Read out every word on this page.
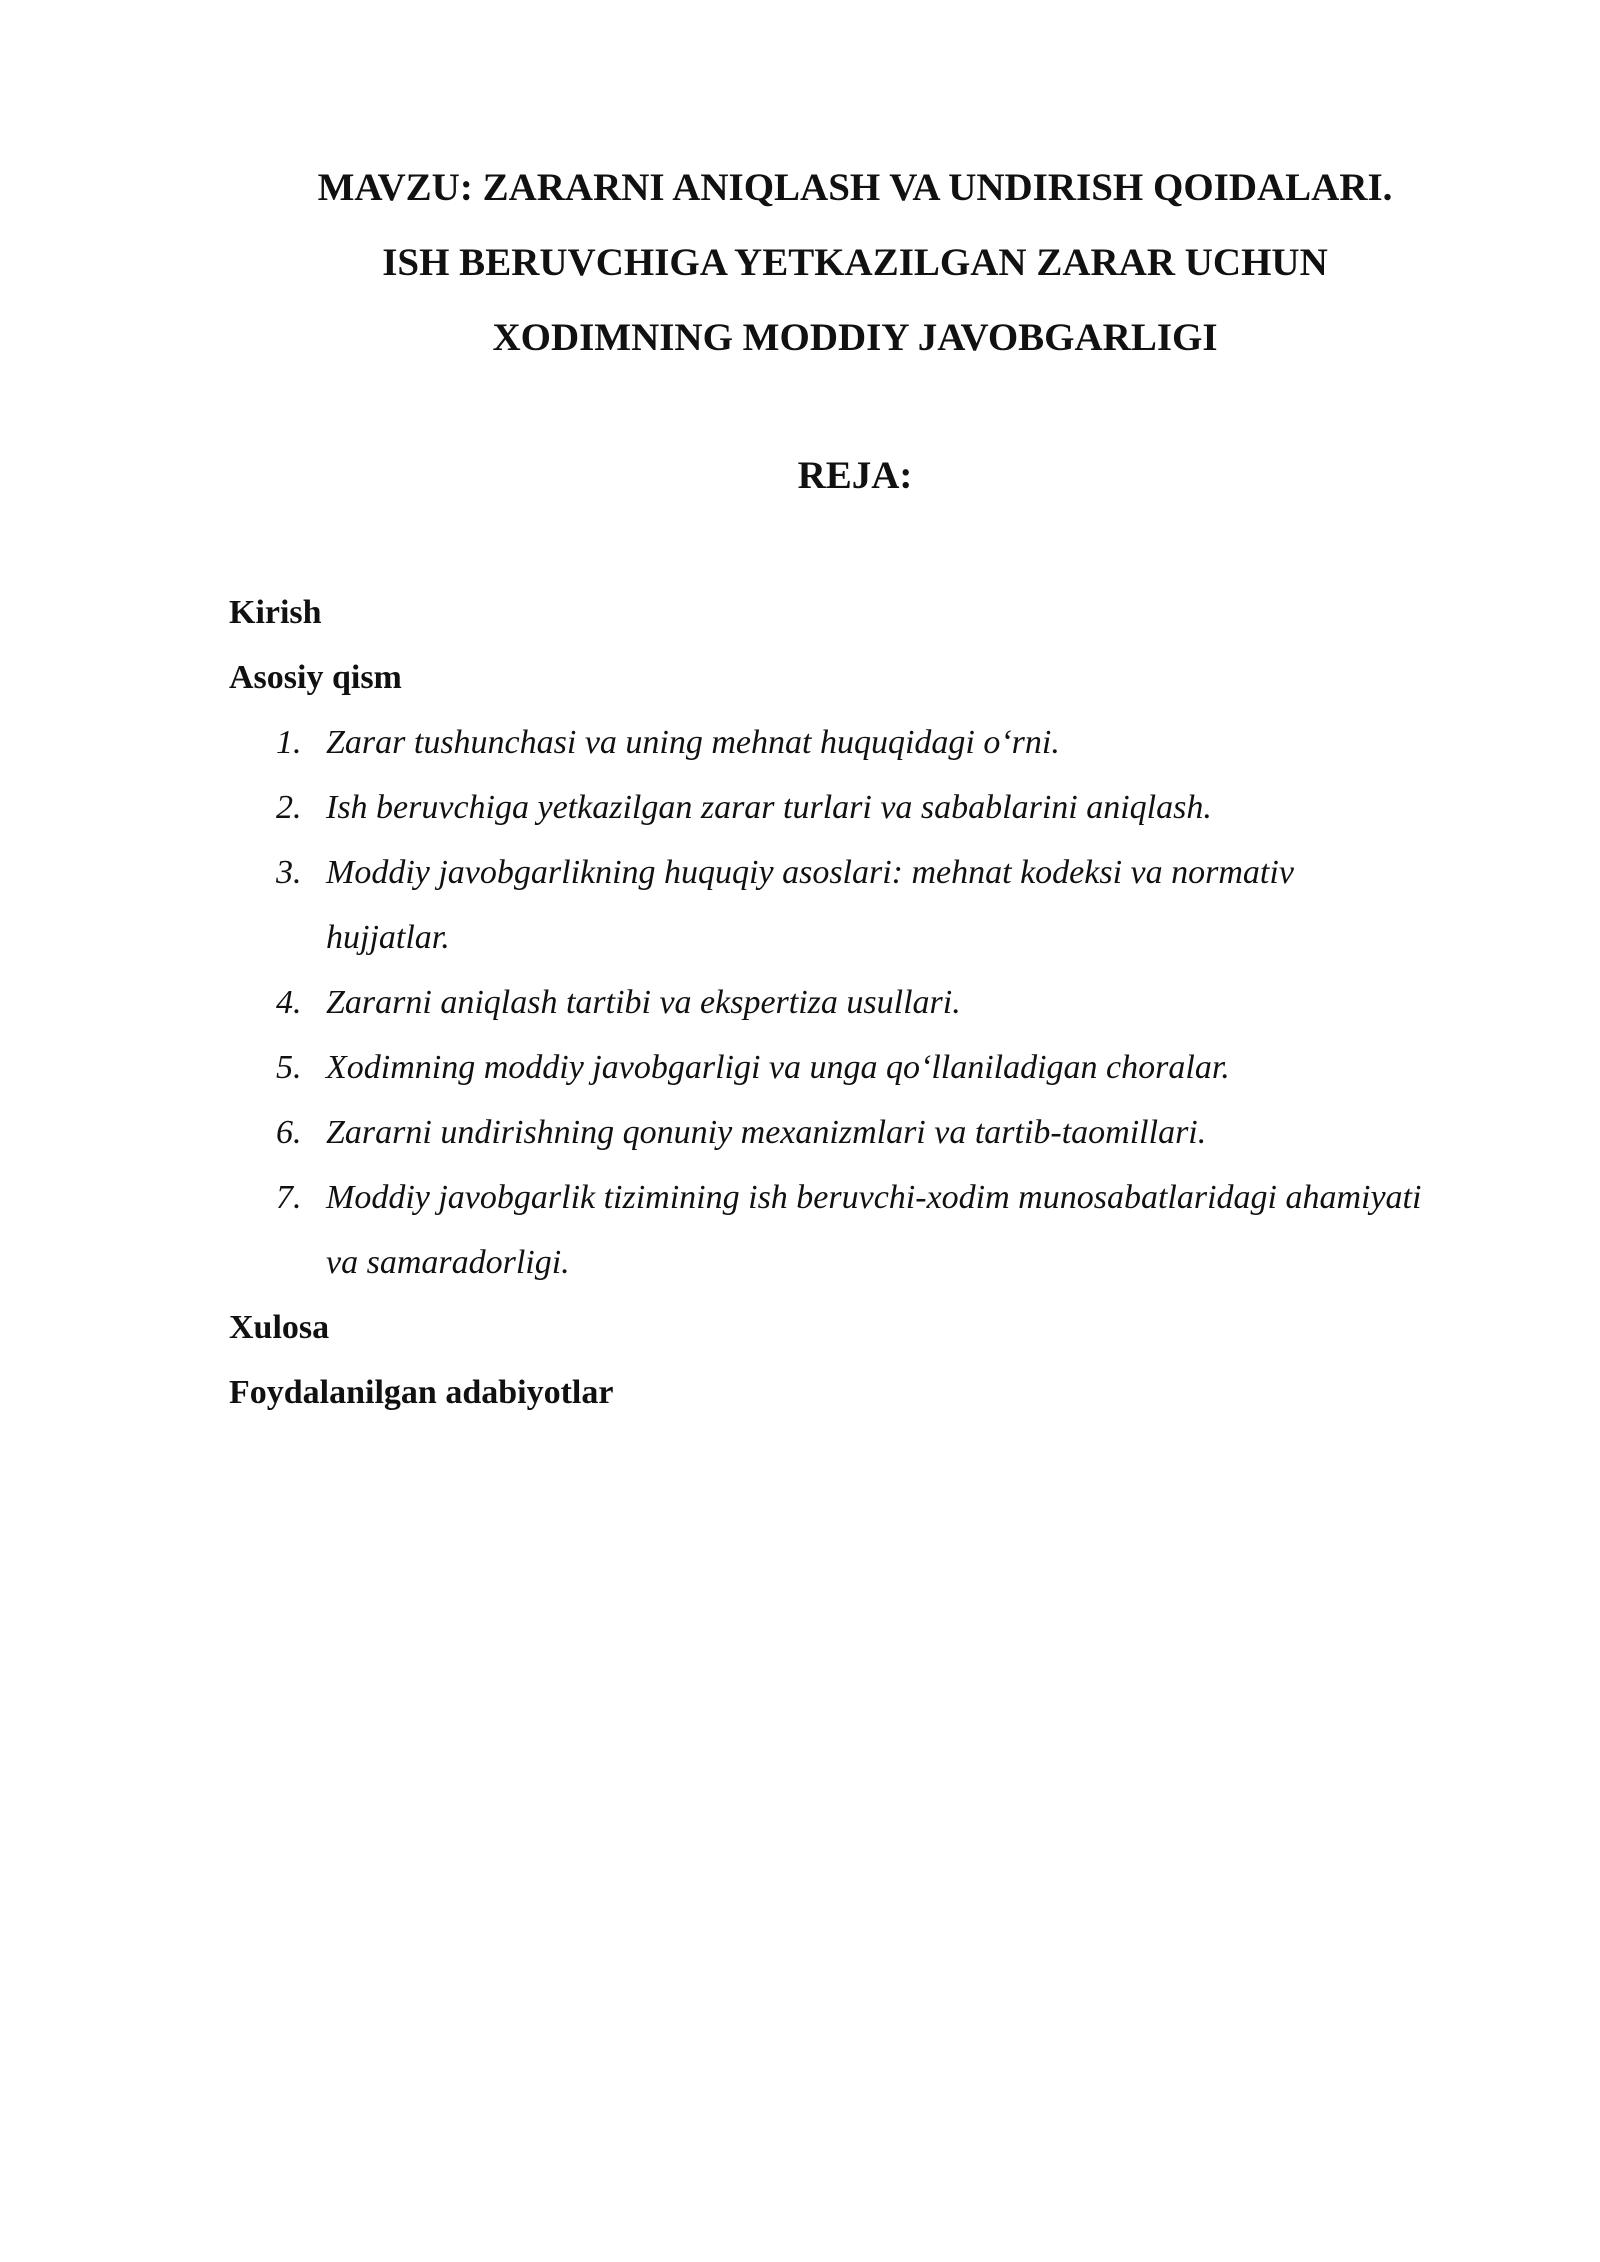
MAVZU: ZARARNI ANIQLASH VA UNDIRISH QOIDALARI.
ISH BERUVCHIGA YETKAZILGAN ZARAR UCHUN
XODIMNING MODDIY JAVOBGARLIGI
REJA:

Kirish

Asosiy qism

1. Zarar tushunchasi va uning mehnat huquqidagi o‘rni.
2. Ish beruvchiga yetkazilgan zarar turlari va sabablarini aniqlash.
3. Moddiy javobgarlikning huquqiy asoslari: mehnat kodeksi va normativ hujjatlar.
4. Zararni aniqlash tartibi va ekspertiza usullari.
5. Xodimning moddiy javobgarligi va unga qo‘llaniladigan choralar.
6. Zararni undirishning qonuniy mexanizmlari va tartib-taomillari.
7. Moddiy javobgarlik tizimining ish beruvchi-xodim munosabatlaridagi ahamiyati va samaradorligi.

Xulosa

Foydalanilgan adabiyotlar
